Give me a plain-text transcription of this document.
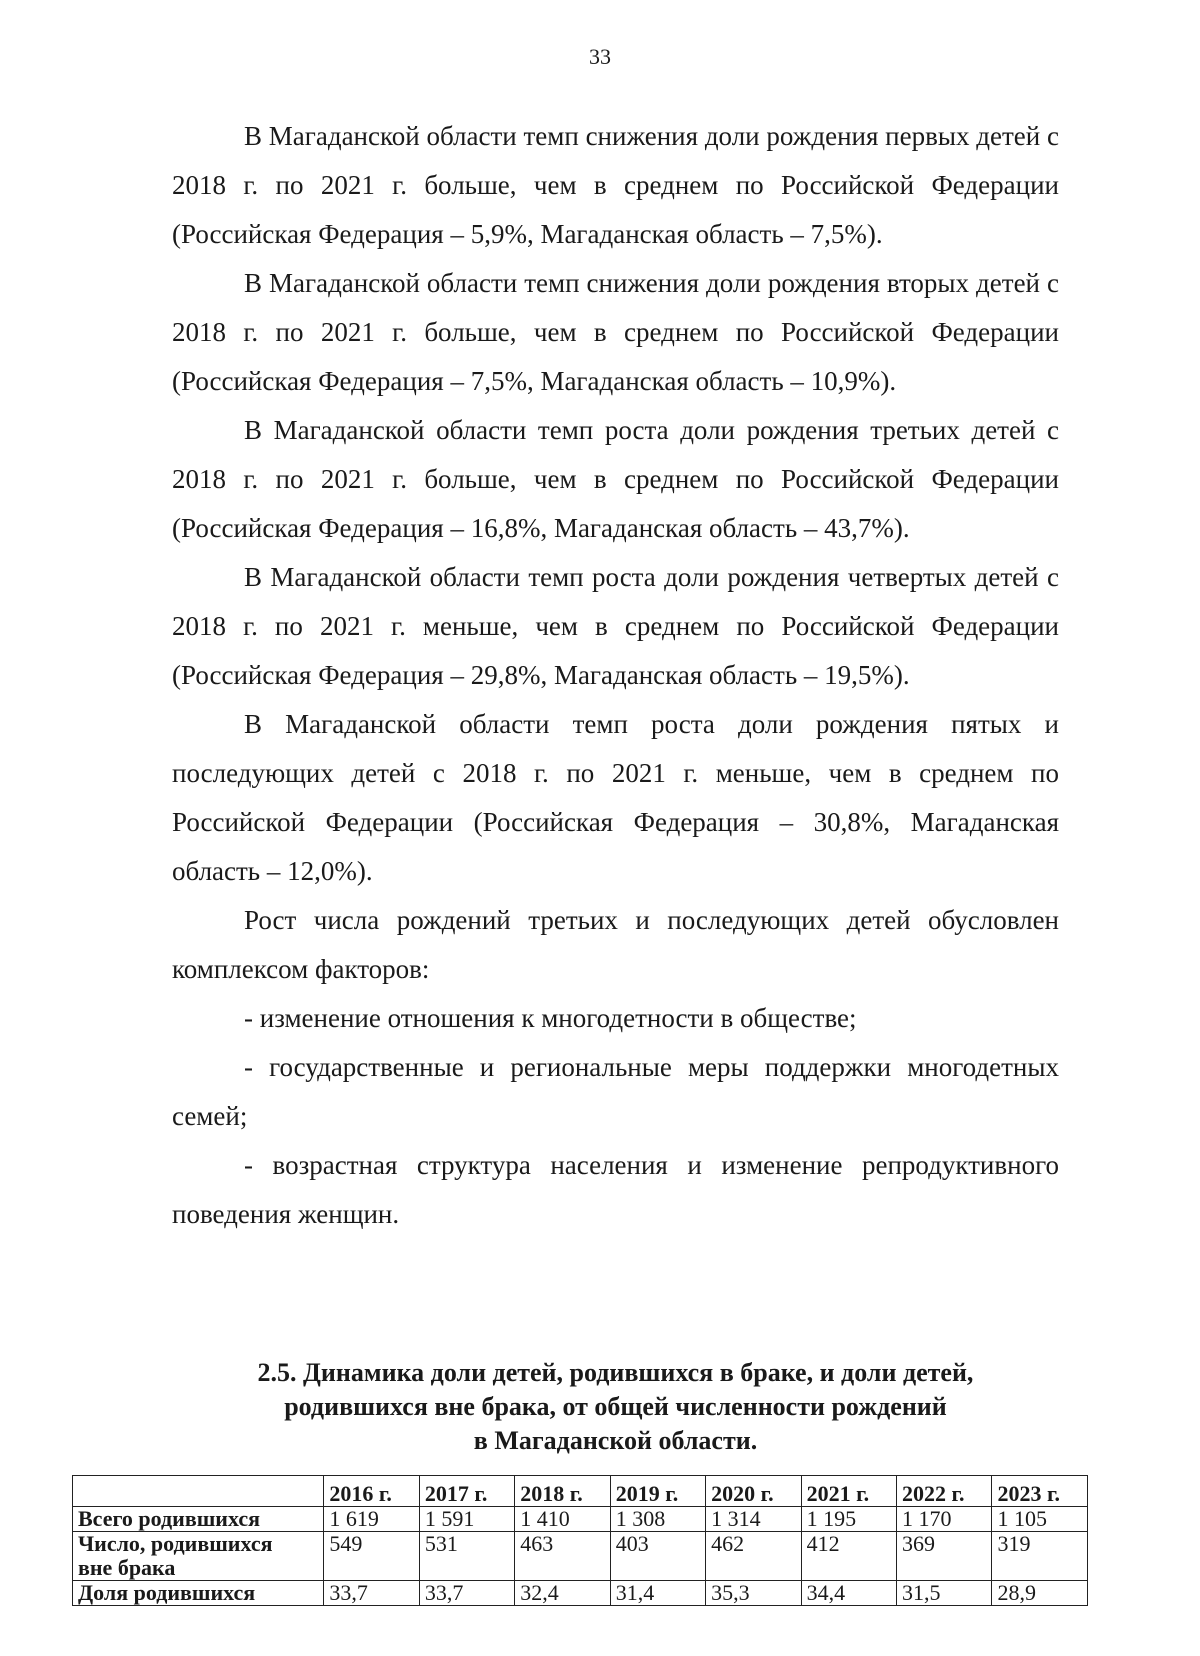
33

В Магаданской области темп снижения доли рождения первых детей с 2018 г. по 2021 г. больше, чем в среднем по Российской Федерации (Российская Федерация – 5,9%, Магаданская область – 7,5%).

В Магаданской области темп снижения доли рождения вторых детей с 2018 г. по 2021 г. больше, чем в среднем по Российской Федерации (Российская Федерация – 7,5%, Магаданская область – 10,9%).

В Магаданской области темп роста доли рождения третьих детей с 2018 г. по 2021 г. больше, чем в среднем по Российской Федерации (Российская Федерация – 16,8%, Магаданская область – 43,7%).

В Магаданской области темп роста доли рождения четвертых детей с 2018 г. по 2021 г. меньше, чем в среднем по Российской Федерации (Российская Федерация – 29,8%, Магаданская область – 19,5%).

В Магаданской области темп роста доли рождения пятых и последующих детей с 2018 г. по 2021 г. меньше, чем в среднем по Российской Федерации (Российская Федерация – 30,8%, Магаданская область – 12,0%).

Рост числа рождений третьих и последующих детей обусловлен комплексом факторов:

- изменение отношения к многодетности в обществе;

- государственные и региональные меры поддержки многодетных семей;

- возрастная структура населения и изменение репродуктивного поведения женщин.

2.5. Динамика доли детей, родившихся в браке, и доли детей,
родившихся вне брака, от общей численности рождений
в Магаданской области.
	2016 г.	2017 г.	2018 г.	2019 г.	2020 г.	2021 г.	2022 г.	2023 г.
Всего родившихся	1 619	1 591	1 410	1 308	1 314	1 195	1 170	1 105
Число, родившихся
вне брака	549	531	463	403	462	412	369	319
Доля родившихся	33,7	33,7	32,4	31,4	35,3	34,4	31,5	28,9
